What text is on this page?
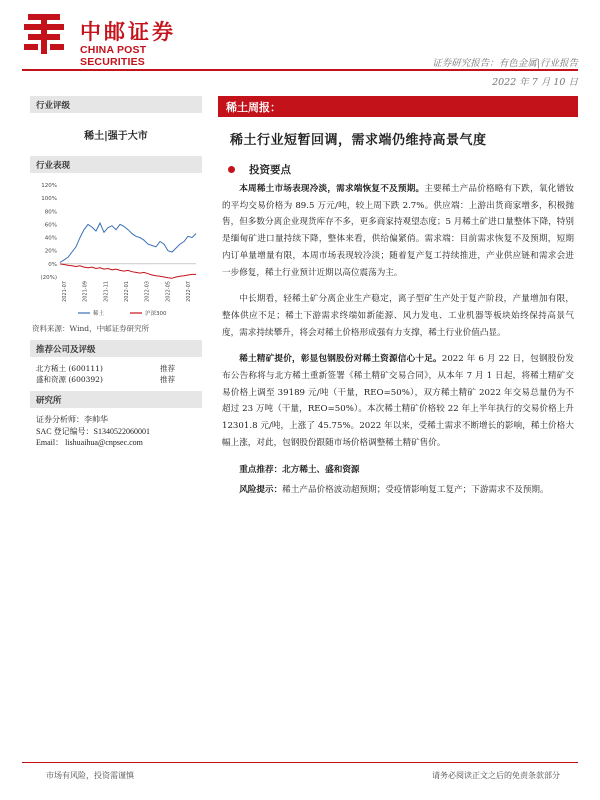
中邮证券
CHINA POST SECURITIES	证券研究报告：有色金属|行业报告
2022 年 7 月 10 日
行业评级
稀土|强于大市
行业表现
120%
100%
80%
60%
40%
20%
0%
(20%)
2021-07	2021-09	2021-11	2022-01	2022-03	2022-05	2022-07
稀土	沪深300
资料来源：Wind，中邮证券研究所
推荐公司及评级
北方稀土 (600111)	推荐
盛和资源 (600392)	推荐
研究所
证券分析师：李帅华
SAC 登记编号：S1340522060001
Email： lishuaihua@cnpsec.com
稀土周报：
稀土行业短暂回调，需求端仍维持高景气度
投资要点

本周稀土市场表现冷淡，需求端恢复不及预期。主要稀土产品价格略有下跌，氧化镨钕的平均交易价格为 89.5 万元/吨，较上周下跌 2.7%。供应端：上游出货商家增多，积极抛售，但多数分离企业现货库存不多，更多商家持观望态度；5 月稀土矿进口量整体下降，特别是缅甸矿进口量持续下降，整体来看，供给偏紧俏。需求端：目前需求恢复不及预期，短期内订单量增量有限，本周市场表现较冷淡；随着复产复工持续推进，产业供应链和需求会进一步修复，稀土行业预计近期以高位震荡为主。

中长期看，轻稀土矿分离企业生产稳定，离子型矿生产处于复产阶段，产量增加有限，整体供应不足；稀土下游需求终端如新能源、风力发电、工业机器等板块始终保持高景气度，需求持续攀升，将会对稀土价格形成强有力支撑，稀土行业价值凸显。

稀土精矿提价，彰显包钢股份对稀土资源信心十足。2022 年 6 月 22 日，包钢股份发布公告称将与北方稀土重新签署《稀土精矿交易合同》，从本年 7 月 1 日起，将稀土精矿交易价格上调至 39189 元/吨（干量，REO=50%），双方稀土精矿 2022 年交易总量仍为不超过 23 万吨（干量，REO=50%）。本次稀土精矿价格较 22 年上半年执行的交易价格上升 12301.8 元/吨，上涨了 45.75%。2022 年以来，受稀土需求不断增长的影响，稀土价格大幅上涨，对此，包钢股份跟随市场价格调整稀土精矿售价。

重点推荐：北方稀土、盛和资源

风险提示：稀土产品价格波动超预期；受疫情影响复工复产；下游需求不及预期。

市场有风险，投资需谨慎	请务必阅读正文之后的免责条款部分
